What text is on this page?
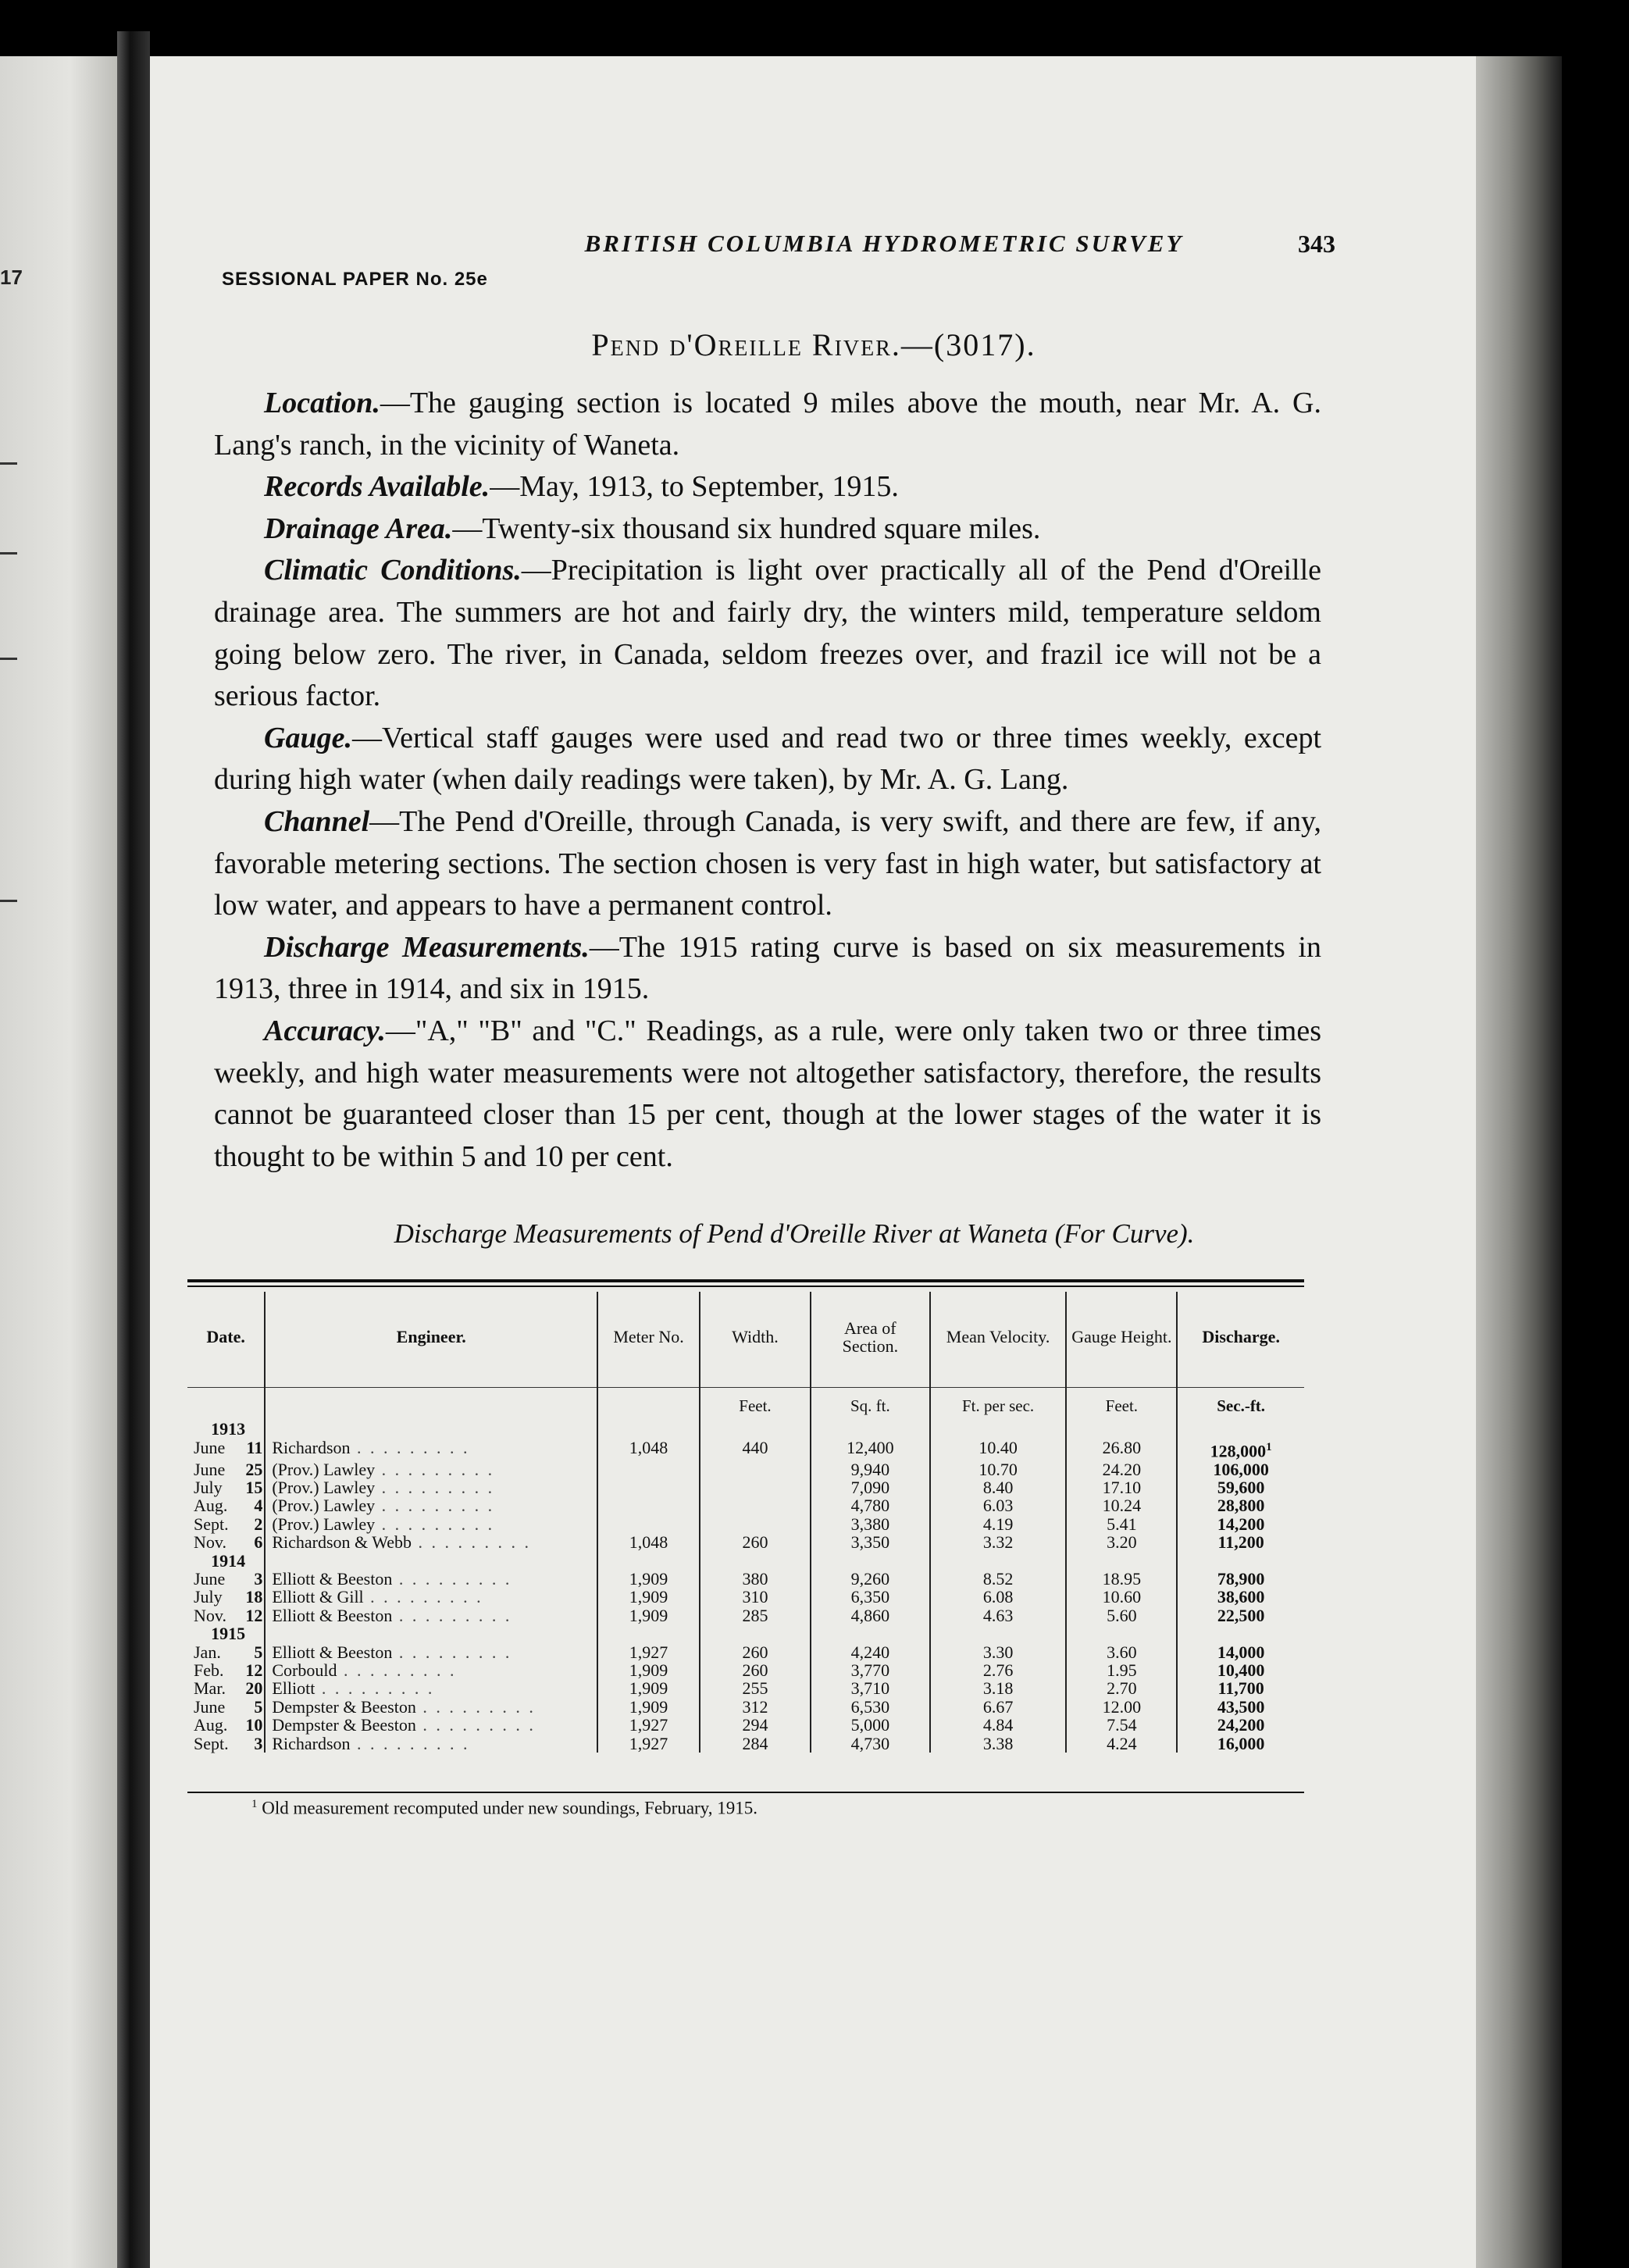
17
BRITISH COLUMBIA HYDROMETRIC SURVEY	343
SESSIONAL PAPER No. 25e
Pend d'Oreille River.—(3017).

Location.—The gauging section is located 9 miles above the mouth, near Mr. A. G. Lang's ranch, in the vicinity of Waneta.

Records Available.—May, 1913, to September, 1915.

Drainage Area.—Twenty-six thousand six hundred square miles.

Climatic Conditions.—Precipitation is light over practically all of the Pend d'Oreille drainage area. The summers are hot and fairly dry, the winters mild, temperature seldom going below zero. The river, in Canada, seldom freezes over, and frazil ice will not be a serious factor.

Gauge.—Vertical staff gauges were used and read two or three times weekly, except during high water (when daily readings were taken), by Mr. A. G. Lang.

Channel—The Pend d'Oreille, through Canada, is very swift, and there are few, if any, favorable metering sections. The section chosen is very fast in high water, but satisfactory at low water, and appears to have a permanent control.

Discharge Measurements.—The 1915 rating curve is based on six measurements in 1913, three in 1914, and six in 1915.

Accuracy.—"A," "B" and "C." Readings, as a rule, were only taken two or three times weekly, and high water measurements were not altogether satisfactory, therefore, the results cannot be guaranteed closer than 15 per cent, though at the lower stages of the water it is thought to be within 5 and 10 per cent.

Discharge Measurements of Pend d'Oreille River at Waneta (For Curve).
Date.	Engineer.	Meter No.	Width.	Area of Section.	Mean Velocity.	Gauge Height.	Discharge.
			Feet.	Sq. ft.	Ft. per sec.	Feet.	Sec.-ft.
1913							

June 11 Richardson . . . . . . . . .	1,048	440	12,400	10.40	26.80	128,000$^1$

June 25 (Prov.) Lawley . . . . . . . . .			9,940	10.70	24.20	106,000

July 15 (Prov.) Lawley . . . . . . . . .			7,090	8.40	17.10	59,600

Aug. 4 (Prov.) Lawley . . . . . . . . .			4,780	6.03	10.24	28,800

Sept. 2 (Prov.) Lawley . . . . . . . . .			3,380	4.19	5.41	14,200

Nov. 6 Richardson & Webb . . . . . . . . .	1,048	260	3,350	3.32	3.20	11,200
1914							

June 3 Elliott & Beeston . . . . . . . . .	1,909	380	9,260	8.52	18.95	78,900

July 18 Elliott & Gill . . . . . . . . .	1,909	310	6,350	6.08	10.60	38,600

Nov. 12 Elliott & Beeston . . . . . . . . .	1,909	285	4,860	4.63	5.60	22,500
1915							

Jan. 5 Elliott & Beeston . . . . . . . . .	1,927	260	4,240	3.30	3.60	14,000

Feb. 12 Corbould . . . . . . . . .	1,909	260	3,770	2.76	1.95	10,400

Mar. 20 Elliott . . . . . . . . .	1,909	255	3,710	3.18	2.70	11,700

June 5 Dempster & Beeston . . . . . . . . .	1,909	312	6,530	6.67	12.00	43,500

Aug. 10 Dempster & Beeston . . . . . . . . .	1,927	294	5,000	4.84	7.54	24,200

Sept. 3 Richardson . . . . . . . . .	1,927	284	4,730	3.38	4.24	16,000
$^1$ Old measurement recomputed under new soundings, February, 1915.
